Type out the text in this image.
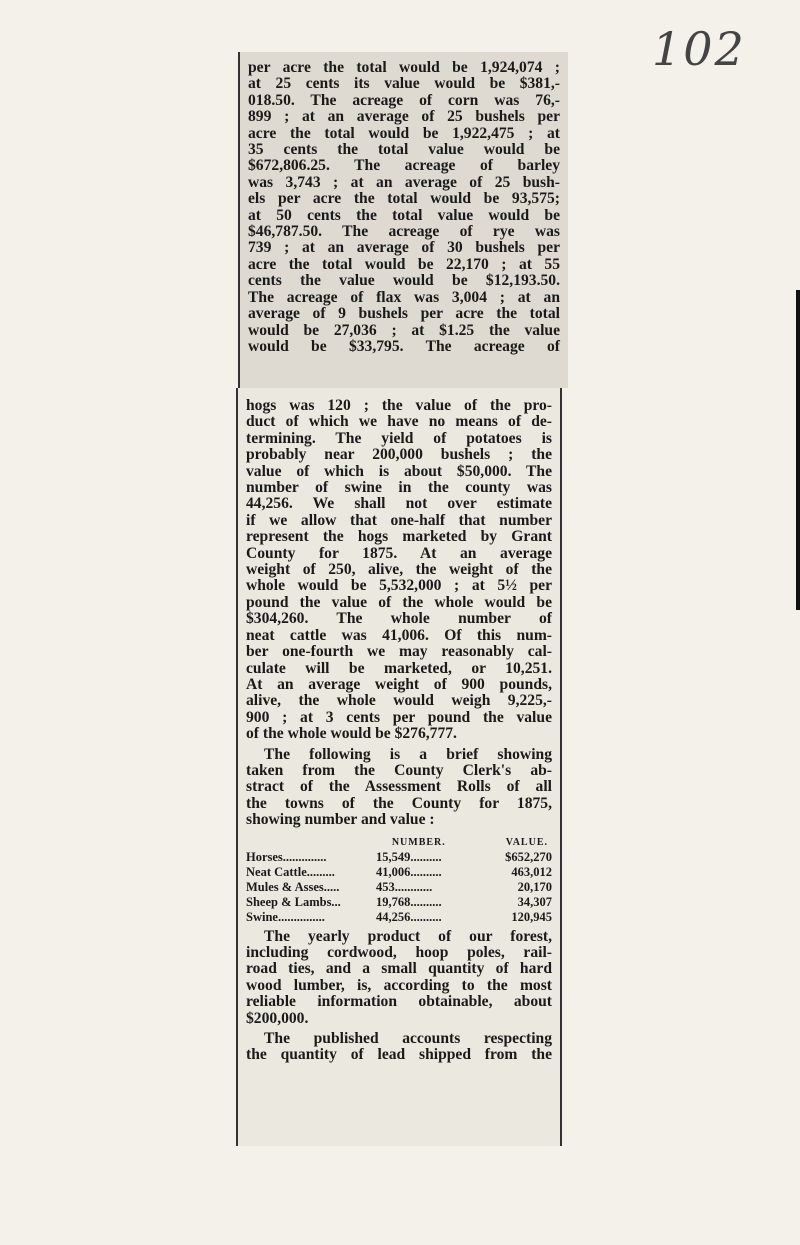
102
per acre the total would be 1,924,074 ;
at 25 cents its value would be $381,-
018.50. The acreage of corn was 76,-
899 ; at an average of 25 bushels per
acre the total would be 1,922,475 ; at
35 cents the total value would be
$672,806.25. The acreage of barley
was 3,743 ; at an average of 25 bush-
els per acre the total would be 93,575;
at 50 cents the total value would be
$46,787.50. The acreage of rye was
739 ; at an average of 30 bushels per
acre the total would be 22,170 ; at 55
cents the value would be $12,193.50.
The acreage of flax was 3,004 ; at an
average of 9 bushels per acre the total
would be 27,036 ; at $1.25 the value
would be $33,795. The acreage of
hogs was 120 ; the value of the pro-
duct of which we have no means of de-
termining. The yield of potatoes is
probably near 200,000 bushels ; the
value of which is about $50,000. The
number of swine in the county was
44,256. We shall not over estimate
if we allow that one-half that number
represent the hogs marketed by Grant
County for 1875. At an average
weight of 250, alive, the weight of the
whole would be 5,532,000 ; at 5½ per
pound the value of the whole would be
$304,260. The whole number of
neat cattle was 41,006. Of this num-
ber one-fourth we may reasonably cal-
culate will be marketed, or 10,251.
At an average weight of 900 pounds,
alive, the whole would weigh 9,225,-
900 ; at 3 cents per pound the value
of the whole would be $276,777.
The following is a brief showing
taken from the County Clerk's ab-
stract of the Assessment Rolls of all
the towns of the County for 1875,
showing number and value :
NUMBER.	VALUE.
Horses..............	15,549..........	$652,270
Neat Cattle.........	41,006..........	463,012
Mules & Asses.....	453............	20,170
Sheep & Lambs...	19,768..........	34,307
Swine...............	44,256..........	120,945
The yearly product of our forest,
including cordwood, hoop poles, rail-
road ties, and a small quantity of hard
wood lumber, is, according to the most
reliable information obtainable, about
$200,000.
The published accounts respecting
the quantity of lead shipped from the
